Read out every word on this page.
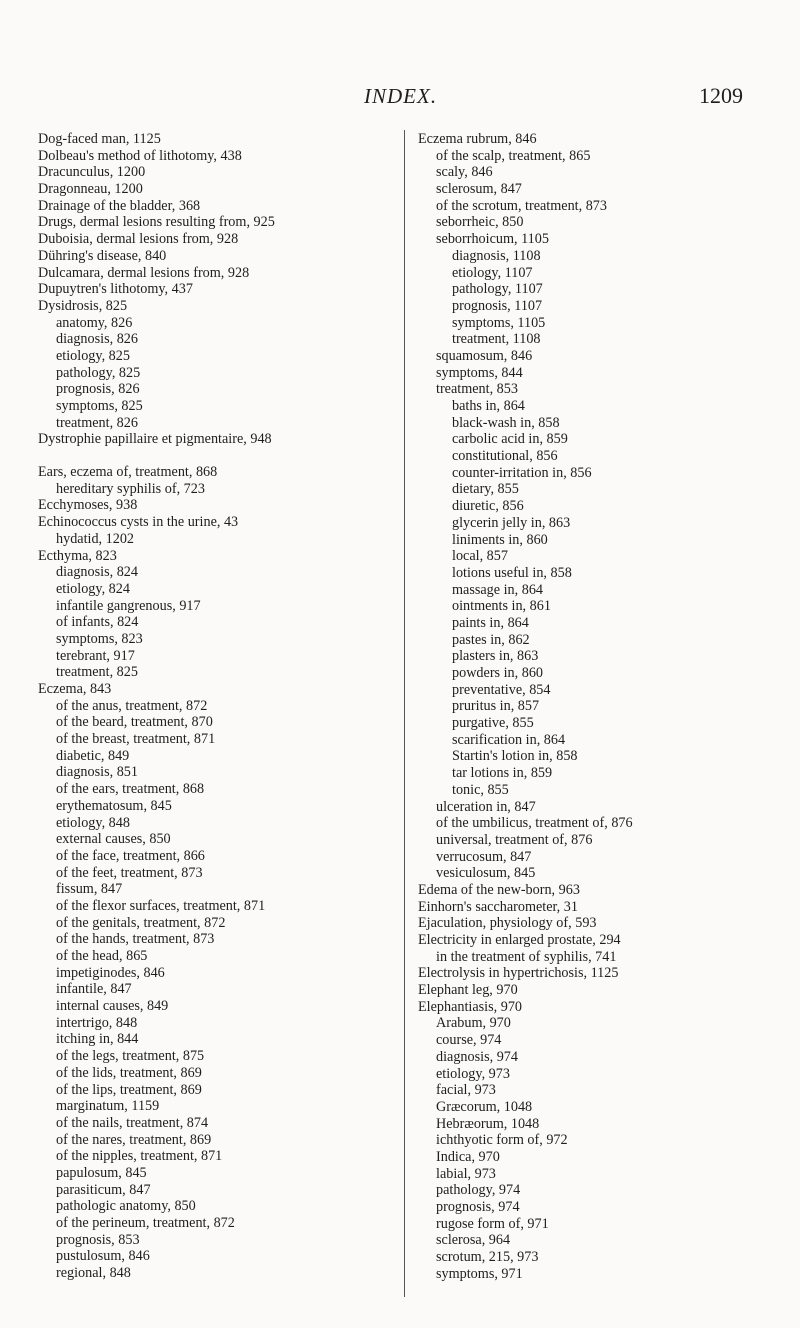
INDEX.	1209
Dog-faced man, 1125
Dolbeau's method of lithotomy, 438
Dracunculus, 1200
Dragonneau, 1200
Drainage of the bladder, 368
Drugs, dermal lesions resulting from, 925
Duboisia, dermal lesions from, 928
Dühring's disease, 840
Dulcamara, dermal lesions from, 928
Dupuytren's lithotomy, 437
Dysidrosis, 825
anatomy, 826
diagnosis, 826
etiology, 825
pathology, 825
prognosis, 826
symptoms, 825
treatment, 826
Dystrophie papillaire et pigmentaire, 948
Ears, eczema of, treatment, 868
hereditary syphilis of, 723
Ecchymoses, 938
Echinococcus cysts in the urine, 43
hydatid, 1202
Ecthyma, 823
diagnosis, 824
etiology, 824
infantile gangrenous, 917
of infants, 824
symptoms, 823
terebrant, 917
treatment, 825
Eczema, 843
of the anus, treatment, 872
of the beard, treatment, 870
of the breast, treatment, 871
diabetic, 849
diagnosis, 851
of the ears, treatment, 868
erythematosum, 845
etiology, 848
external causes, 850
of the face, treatment, 866
of the feet, treatment, 873
fissum, 847
of the flexor surfaces, treatment, 871
of the genitals, treatment, 872
of the hands, treatment, 873
of the head, 865
impetiginodes, 846
infantile, 847
internal causes, 849
intertrigo, 848
itching in, 844
of the legs, treatment, 875
of the lids, treatment, 869
of the lips, treatment, 869
marginatum, 1159
of the nails, treatment, 874
of the nares, treatment, 869
of the nipples, treatment, 871
papulosum, 845
parasiticum, 847
pathologic anatomy, 850
of the perineum, treatment, 872
prognosis, 853
pustulosum, 846
regional, 848
Eczema rubrum, 846
of the scalp, treatment, 865
scaly, 846
sclerosum, 847
of the scrotum, treatment, 873
seborrheic, 850
seborrhoicum, 1105
diagnosis, 1108
etiology, 1107
pathology, 1107
prognosis, 1107
symptoms, 1105
treatment, 1108
squamosum, 846
symptoms, 844
treatment, 853
baths in, 864
black-wash in, 858
carbolic acid in, 859
constitutional, 856
counter-irritation in, 856
dietary, 855
diuretic, 856
glycerin jelly in, 863
liniments in, 860
local, 857
lotions useful in, 858
massage in, 864
ointments in, 861
paints in, 864
pastes in, 862
plasters in, 863
powders in, 860
preventative, 854
pruritus in, 857
purgative, 855
scarification in, 864
Startin's lotion in, 858
tar lotions in, 859
tonic, 855
ulceration in, 847
of the umbilicus, treatment of, 876
universal, treatment of, 876
verrucosum, 847
vesiculosum, 845
Edema of the new-born, 963
Einhorn's saccharometer, 31
Ejaculation, physiology of, 593
Electricity in enlarged prostate, 294
in the treatment of syphilis, 741
Electrolysis in hypertrichosis, 1125
Elephant leg, 970
Elephantiasis, 970
Arabum, 970
course, 974
diagnosis, 974
etiology, 973
facial, 973
Græcorum, 1048
Hebræorum, 1048
ichthyotic form of, 972
Indica, 970
labial, 973
pathology, 974
prognosis, 974
rugose form of, 971
sclerosa, 964
scrotum, 215, 973
symptoms, 971
